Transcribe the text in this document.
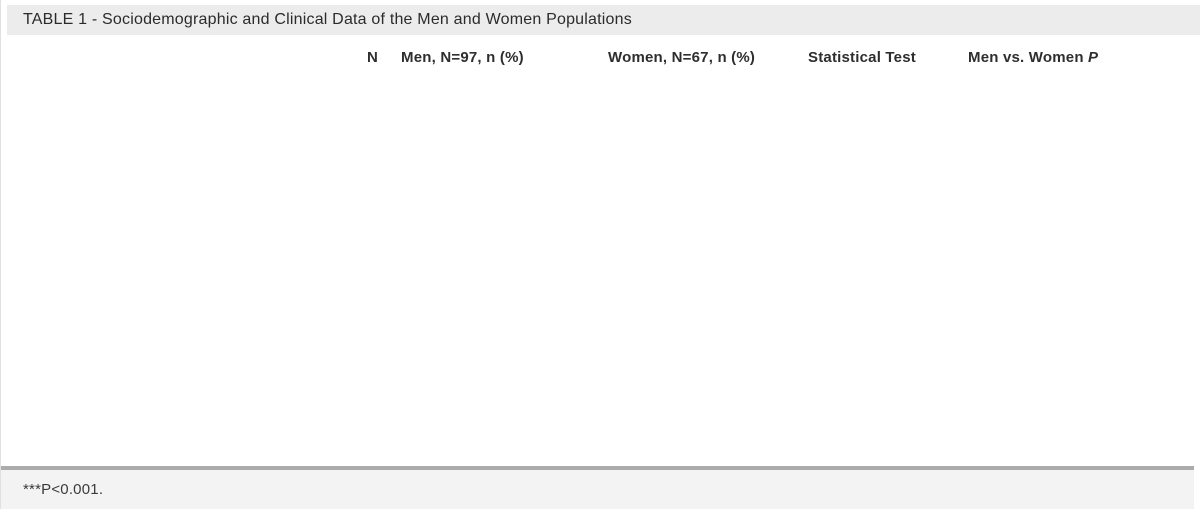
TABLE 1 - Sociodemographic and Clinical Data of the Men and Women Populations
	N	Men, N=97, n (%)	Women, N=67, n (%)	Statistical Test	Men vs. Women P
***P<0.001.
